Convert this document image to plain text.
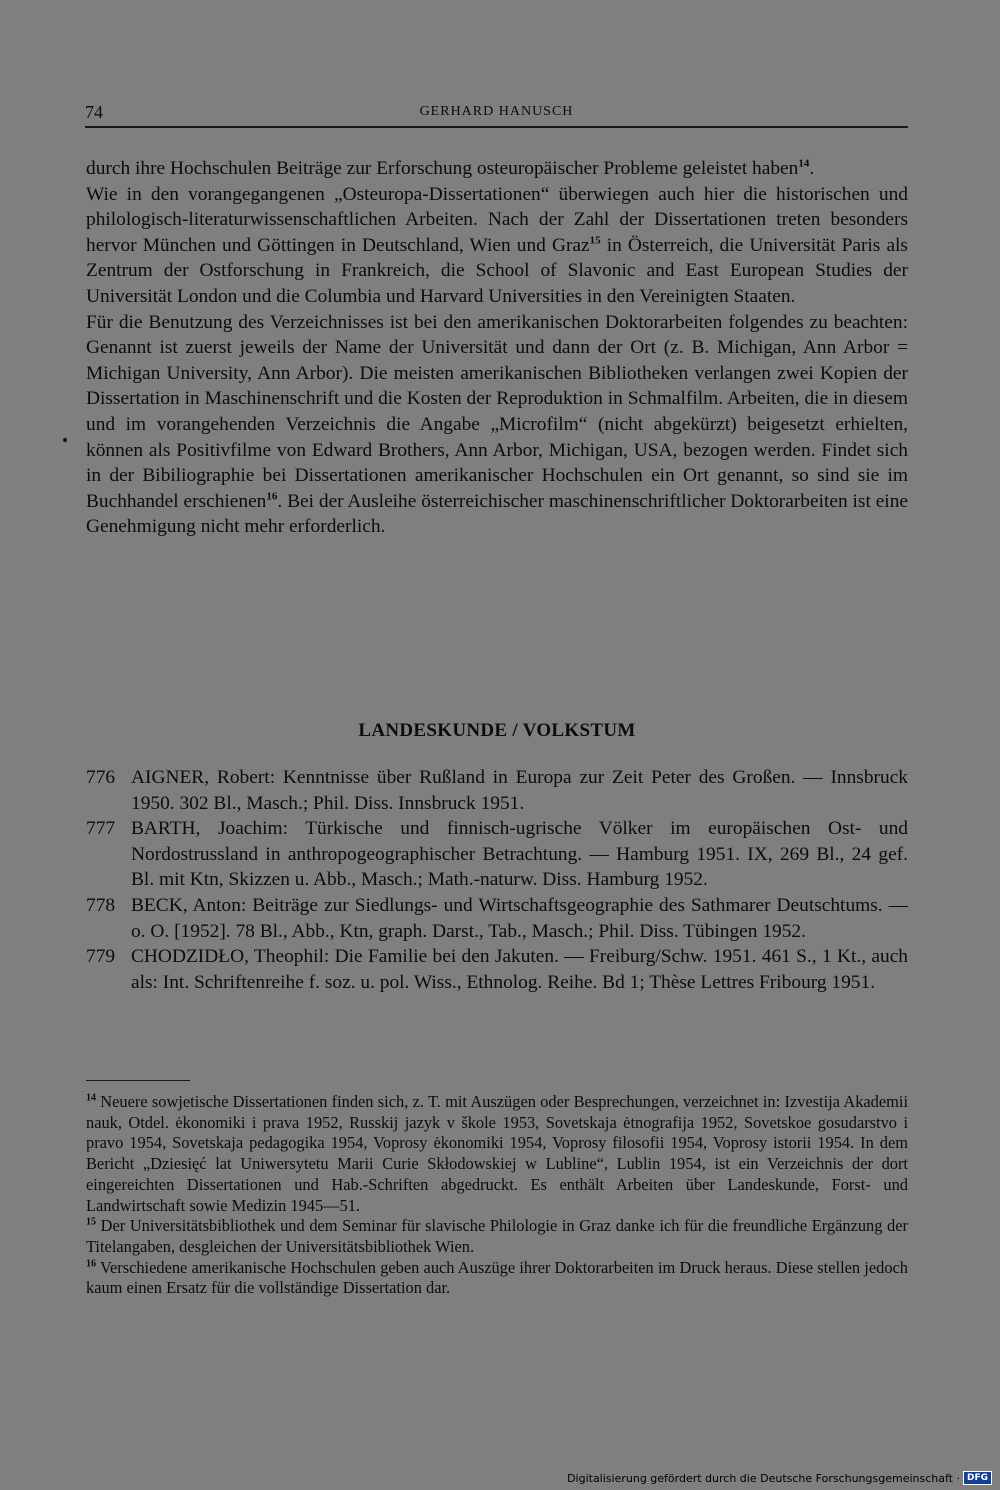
74	GERHARD HANUSCH

durch ihre Hochschulen Beiträge zur Erforschung osteuropäischer Probleme geleistet haben$^{14}$.

Wie in den vorangegangenen „Osteuropa-Dissertationen“ überwiegen auch hier die historischen und philologisch-literaturwissenschaftlichen Arbeiten. Nach der Zahl der Dissertationen treten besonders hervor München und Göttingen in Deutschland, Wien und Graz$^{15}$ in Österreich, die Universität Paris als Zentrum der Ostforschung in Frankreich, die School of Slavonic and East European Studies der Universität London und die Columbia und Harvard Universities in den Vereinigten Staaten.

Für die Benutzung des Verzeichnisses ist bei den amerikanischen Doktorarbeiten folgendes zu beachten: Genannt ist zuerst jeweils der Name der Universität und dann der Ort (z. B. Michigan, Ann Arbor = Michigan University, Ann Arbor). Die meisten amerikanischen Bibliotheken verlangen zwei Kopien der Dissertation in Maschinenschrift und die Kosten der Reproduktion in Schmalfilm. Arbeiten, die in diesem und im vorangehenden Verzeichnis die Angabe „Microfilm“ (nicht abgekürzt) beigesetzt erhielten, können als Positivfilme von Edward Brothers, Ann Arbor, Michigan, USA, bezogen werden. Findet sich in der Bibiliographie bei Dissertationen amerikanischer Hochschulen ein Ort genannt, so sind sie im Buchhandel erschienen$^{16}$. Bei der Ausleihe österreichischer maschinenschriftlicher Doktorarbeiten ist eine Genehmigung nicht mehr erforderlich.

LANDESKUNDE / VOLKSTUM
776 AIGNER, Robert: Kenntnisse über Rußland in Europa zur Zeit Peter des Großen. — Innsbruck 1950. 302 Bl., Masch.; Phil. Diss. Innsbruck 1951.
777 BARTH, Joachim: Türkische und finnisch-ugrische Völker im europäischen Ost- und Nordostrussland in anthropogeographischer Betrachtung. — Hamburg 1951. IX, 269 Bl., 24 gef. Bl. mit Ktn, Skizzen u. Abb., Masch.; Math.-naturw. Diss. Hamburg 1952.
778 BECK, Anton: Beiträge zur Siedlungs- und Wirtschaftsgeographie des Sathmarer Deutschtums. — o. O. [1952]. 78 Bl., Abb., Ktn, graph. Darst., Tab., Masch.; Phil. Diss. Tübingen 1952.
779 CHODZIDŁO, Theophil: Die Familie bei den Jakuten. — Freiburg/Schw. 1951. 461 S., 1 Kt., auch als: Int. Schriftenreihe f. soz. u. pol. Wiss., Ethnolog. Reihe. Bd 1; Thèse Lettres Fribourg 1951.

$^{14}$ Neuere sowjetische Dissertationen finden sich, z. T. mit Auszügen oder Besprechungen, verzeichnet in: Izvestija Akademii nauk, Otdel. ėkonomiki i prava 1952, Russkij jazyk v škole 1953, Sovetskaja ėtnografija 1952, Sovetskoe gosudarstvo i pravo 1954, Sovetskaja pedagogika 1954, Voprosy ėkonomiki 1954, Voprosy filosofii 1954, Voprosy istorii 1954. In dem Bericht „Dziesięć lat Uniwersytetu Marii Curie Skłodowskiej w Lubline“, Lublin 1954, ist ein Verzeichnis der dort eingereichten Dissertationen und Hab.-Schriften abgedruckt. Es enthält Arbeiten über Landeskunde, Forst- und Landwirtschaft sowie Medizin 1945—51.

$^{15}$ Der Universitätsbibliothek und dem Seminar für slavische Philologie in Graz danke ich für die freundliche Ergänzung der Titelangaben, desgleichen der Universitätsbibliothek Wien.

$^{16}$ Verschiedene amerikanische Hochschulen geben auch Auszüge ihrer Doktorarbeiten im Druck heraus. Diese stellen jedoch kaum einen Ersatz für die vollständige Dissertation dar.

Digitalisierung gefördert durch die Deutsche Forschungsgemeinschaft · DFG
